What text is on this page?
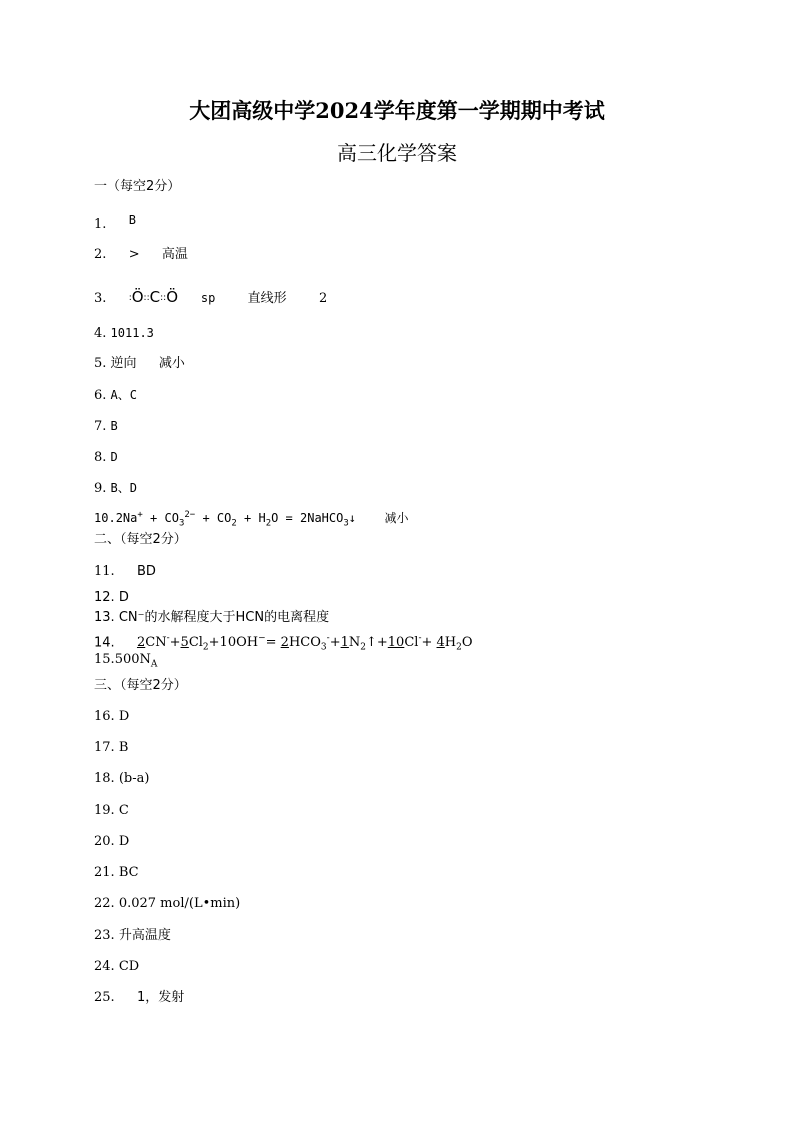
大团高级中学2024学年度第一学期期中考试
高三化学答案
一（每空2分）
1. B
2. > 高温
3. :Ö::C::Ö  sp 直线形 2
4. 1011.3
5. 逆向 减小
6. A、C
7. B
8. D
9. B、D
$10.2Na^+ + CO_3^{2-} + CO_2 + H_2O$ = 2NaHCO$_3$↓ 减小
二、（每空2分）
11. BD
12. D
13. CN⁻的水解程度大于HCN的电离程度
14. $2CN^-+5Cl_2+10OH^-=$ $2HCO_3^-+1N_2↑+10Cl^-+ 4H_2O$
$15.500N_A$
三、（每空2分）
16. D
17. B
18. (b-a)
19. C
20. D
21. BC
22. 0.027 mol/(L•min)
23. 升高温度
24. CD
25. 1，发射
